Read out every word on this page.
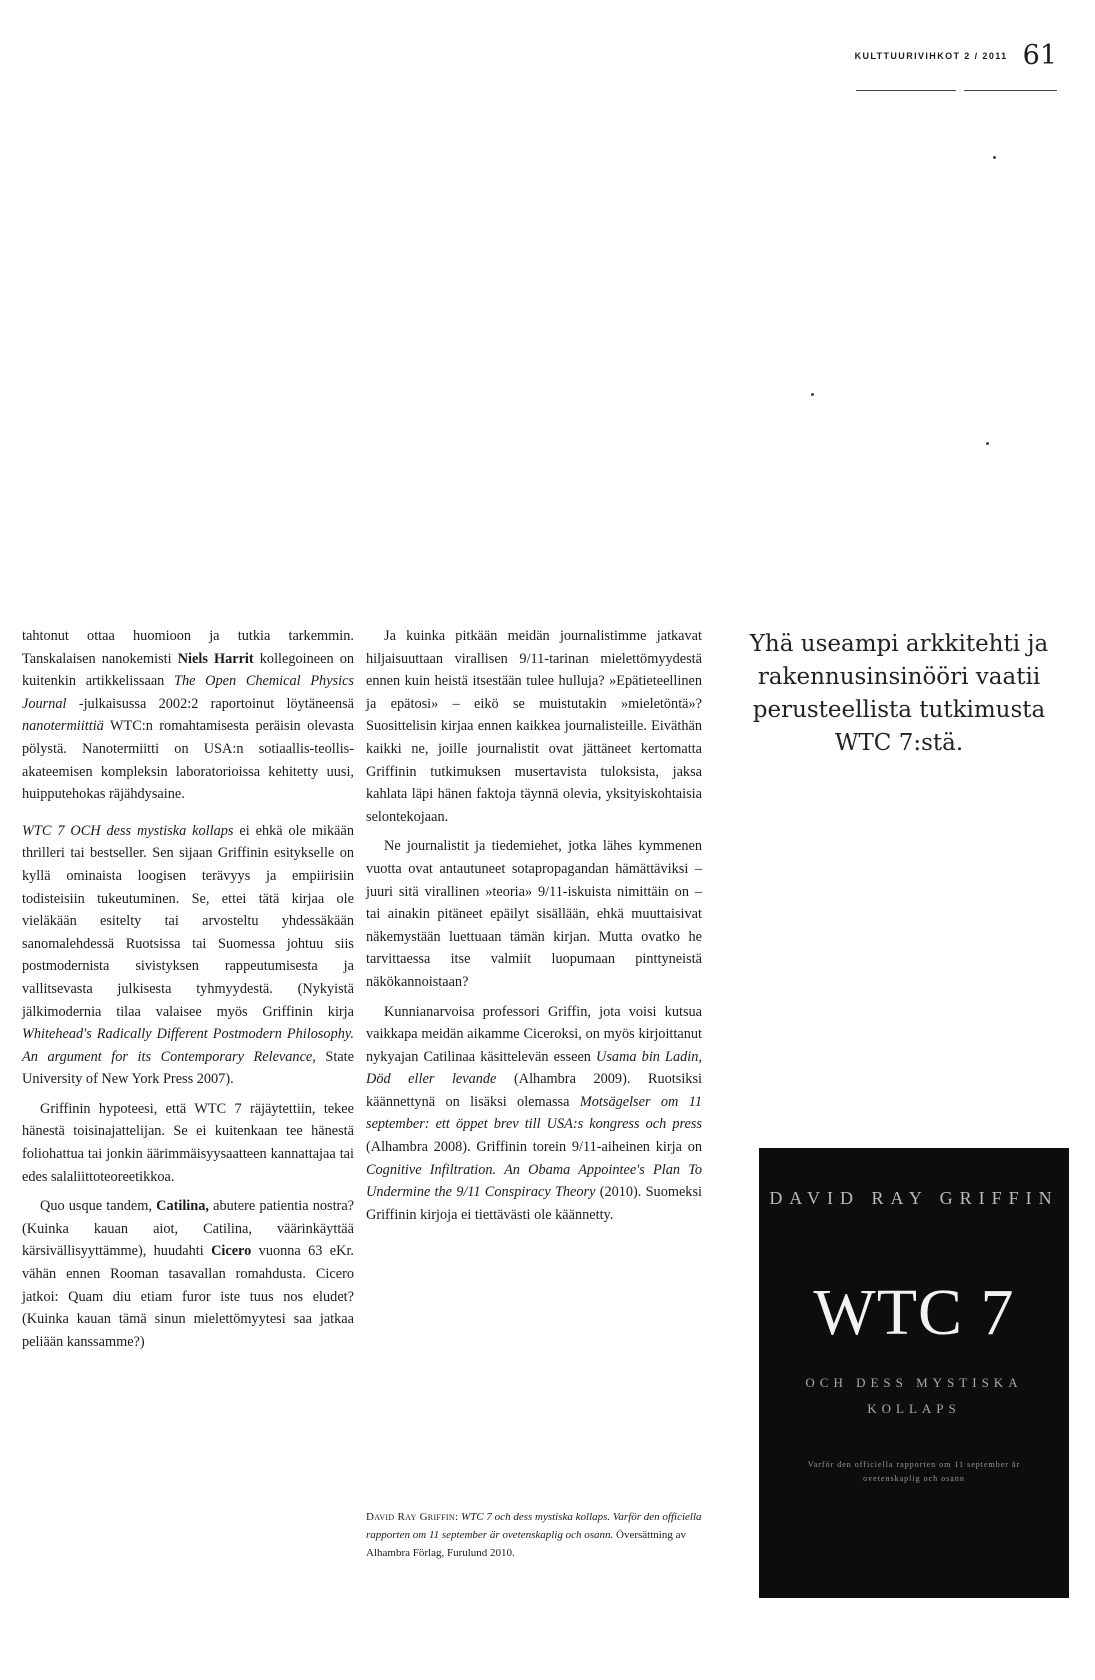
KULTTUURIVIHKOT 2 / 2011 61

tahtonut ottaa huomioon ja tutkia tarkemmin. Tanskalaisen nanokemisti Niels Harrit kollegoineen on kuitenkin artikkelissaan The Open Chemical Physics Journal -julkaisussa 2002:2 raportoinut löytäneensä nanotermiittiä WTC:n romahtamisesta peräisin olevasta pölystä. Nanotermiitti on USA:n sotiaallis-teollis-akateemisen kompleksin laboratorioissa kehitetty uusi, huipputehokas räjähdysaine.

WTC 7 OCH dess mystiska kollaps ei ehkä ole mikään thrilleri tai bestseller. Sen sijaan Griffinin esitykselle on kyllä ominaista loogisen terävyys ja empiirisiin todisteisiin tukeutuminen. Se, ettei tätä kirjaa ole vieläkään esitelty tai arvosteltu yhdessäkään sanomalehdessä Ruotsissa tai Suomessa johtuu siis postmodernista sivistyksen rappeutumisesta ja vallitsevasta julkisesta tyhmyydestä. (Nykyistä jälkimodernia tilaa valaisee myös Griffinin kirja Whitehead's Radically Different Postmodern Philosophy. An argument for its Contemporary Relevance, State University of New York Press 2007).

Griffinin hypoteesi, että WTC 7 räjäytettiin, tekee hänestä toisinajattelijan. Se ei kuitenkaan tee hänestä foliohattua tai jonkin äärimmäisyysaatteen kannattajaa tai edes salaliittoteoreetikkoa.

Quo usque tandem, Catilina, abutere patientia nostra? (Kuinka kauan aiot, Catilina, väärinkäyttää kärsivällisyyttämme), huudahti Cicero vuonna 63 eKr. vähän ennen Rooman tasavallan romahdusta. Cicero jatkoi: Quam diu etiam furor iste tuus nos eludet? (Kuinka kauan tämä sinun mielettömyytesi saa jatkaa peliään kanssamme?)

Ja kuinka pitkään meidän journalistimme jatkavat hiljaisuuttaan virallisen 9/11-tarinan mielettömyydestä ennen kuin heistä itsestään tulee hulluja? »Epätieteellinen ja epätosi» – eikö se muistutakin »mieletöntä»? Suosittelisin kirjaa ennen kaikkea journalisteille. Eiväthän kaikki ne, joille journalistit ovat jättäneet kertomatta Griffinin tutkimuksen musertavista tuloksista, jaksa kahlata läpi hänen faktoja täynnä olevia, yksityiskohtaisia selontekojaan.

Ne journalistit ja tiedemiehet, jotka lähes kymmenen vuotta ovat antautuneet sotapropagandan hämättäviksi – juuri sitä virallinen »teoria» 9/11-iskuista nimittäin on – tai ainakin pitäneet epäilyt sisällään, ehkä muuttaisivat näkemystään luettuaan tämän kirjan. Mutta ovatko he tarvittaessa itse valmiit luopumaan pinttyneistä näkökannoistaan?

Kunnianarvoisa professori Griffin, jota voisi kutsua vaikkapa meidän aikamme Ciceroksi, on myös kirjoittanut nykyajan Catilinaa käsittelevän esseen Usama bin Ladin, Död eller levande (Alhambra 2009). Ruotsiksi käännettynä on lisäksi olemassa Motsägelser om 11 september: ett öppet brev till USA:s kongress och press (Alhambra 2008). Griffinin torein 9/11-aiheinen kirja on Cognitive Infiltration. An Obama Appointee's Plan To Undermine the 9/11 Conspiracy Theory (2010). Suomeksi Griffinin kirjoja ei tiettävästi ole käännetty.

David Ray Griffin: WTC 7 och dess mystiska kollaps. Varför den officiella rapporten om 11 september är ovetenskaplig och osann. Översättning av Alhambra Förlag, Furulund 2010.
Yhä useampi arkkitehti ja rakennusinsinööri vaatii perusteellista tutkimusta WTC 7:stä.
DAVID RAY GRIFFIN
WTC 7
OCH DESS MYSTISKA
KOLLAPS
Varför den officiella rapporten om 11 september är ovetenskaplig och osann
